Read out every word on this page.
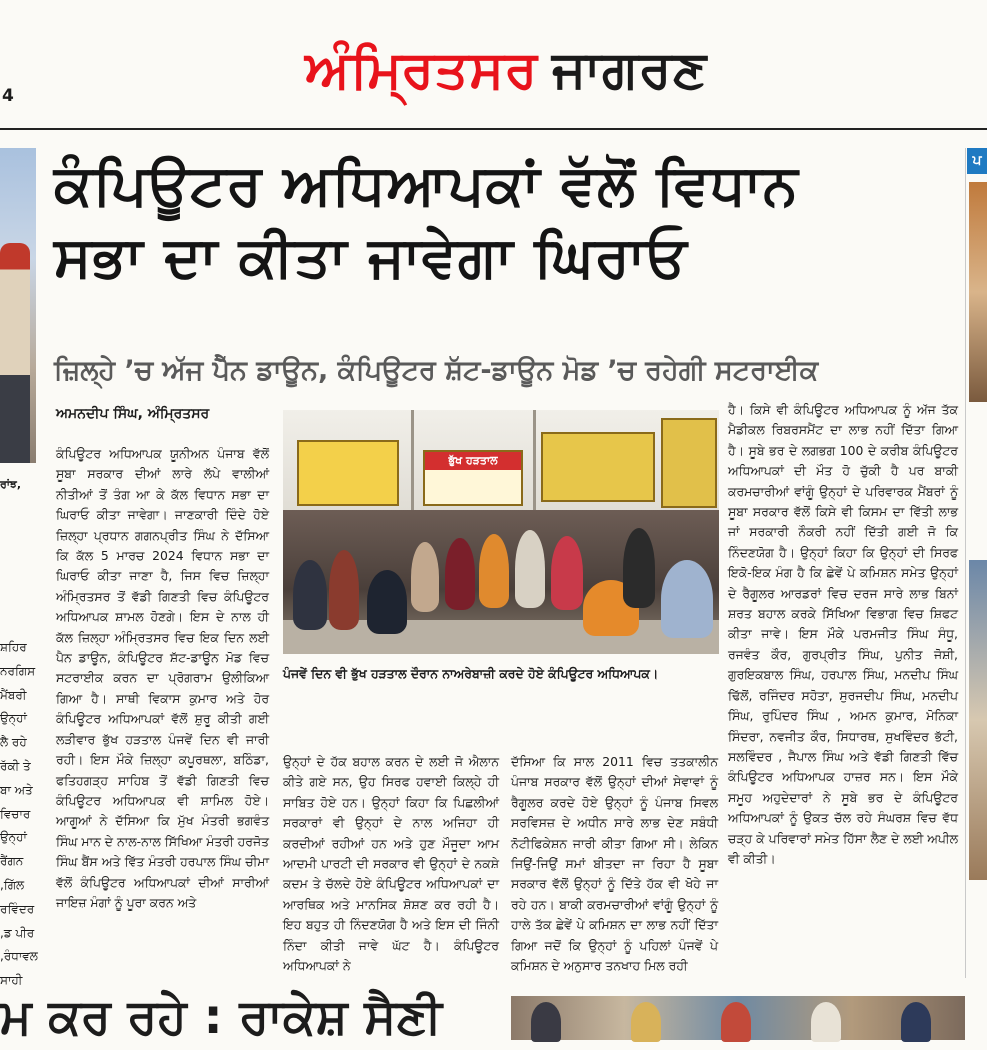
4	ਅੰਮ੍ਰਿਤਸਰ ਜਾਗਰਣ
ਰਾਂਝ,

ਸ਼ਹਿਰ

ਨਰਗਿਸ

ਮੈਂਬਰੀ

ਉਨ੍ਹਾਂ

ਲੈ ਰਹੇ

ਰੱਕੀ ਤੇ

ਬਾ ਅਤੇ

ਵਿਚਾਰ

ਉਨ੍ਹਾਂ

ਰੈਂਗਨ

ਗਿੱਲ,

ਰਵਿੰਦਰ

ਡ ਪੀਰ,

ਰੰਧਾਵਲ,

ਸਾਹੀ

ਕੰਪਿਊਟਰ ਅਧਿਆਪਕਾਂ ਵੱਲੋਂ ਵਿਧਾਨ
ਸਭਾ ਦਾ ਕੀਤਾ ਜਾਵੇਗਾ ਘਿਰਾਓ
ਜ਼ਿਲ੍ਹੇ ’ਚ ਅੱਜ ਪੈੱਨ ਡਾਊਨ, ਕੰਪਿਊਟਰ ਸ਼ੱਟ-ਡਾਊਨ ਮੋਡ ’ਚ ਰਹੇਗੀ ਸਟਰਾਈਕ
ਅਮਨਦੀਪ ਸਿੰਘ, ਅੰਮ੍ਰਿਤਸਰ

ਕੰਪਿਊਟਰ ਅਧਿਆਪਕ ਯੂਨੀਅਨ ਪੰਜਾਬ ਵੱਲੋਂ ਸੂਬਾ ਸਰਕਾਰ ਦੀਆਂ ਲਾਰੇ ਲੱਪੇ ਵਾਲੀਆਂ ਨੀਤੀਆਂ ਤੋਂ ਤੰਗ ਆ ਕੇ ਕੱਲ ਵਿਧਾਨ ਸਭਾ ਦਾ ਘਿਰਾਓ ਕੀਤਾ ਜਾਵੇਗਾ। ਜਾਣਕਾਰੀ ਦਿੰਦੇ ਹੋਏ ਜ਼ਿਲ੍ਹਾ ਪ੍ਰਧਾਨ ਗਗਨਪ੍ਰੀਤ ਸਿੰਘ ਨੇ ਦੱਸਿਆ ਕਿ ਕੱਲ 5 ਮਾਰਚ 2024 ਵਿਧਾਨ ਸਭਾ ਦਾ ਘਿਰਾਓ ਕੀਤਾ ਜਾਣਾ ਹੈ, ਜਿਸ ਵਿਚ ਜ਼ਿਲ੍ਹਾ ਅੰਮ੍ਰਿਤਸਰ ਤੋਂ ਵੱਡੀ ਗਿਣਤੀ ਵਿਚ ਕੰਪਿਊਟਰ ਅਧਿਆਪਕ ਸ਼ਾਮਲ ਹੋਣਗੇ। ਇਸ ਦੇ ਨਾਲ ਹੀ ਕੱਲ ਜ਼ਿਲ੍ਹਾ ਅੰਮ੍ਰਿਤਸਰ ਵਿਚ ਇਕ ਦਿਨ ਲਈ ਪੈਨ ਡਾਊਨ, ਕੰਪਿਊਟਰ ਸ਼ੱਟ-ਡਾਊਨ ਮੋਡ ਵਿਚ ਸਟਰਾਈਕ ਕਰਨ ਦਾ ਪ੍ਰੋਗਰਾਮ ਉਲੀਕਿਆ ਗਿਆ ਹੈ। ਸਾਥੀ ਵਿਕਾਸ ਕੁਮਾਰ ਅਤੇ ਹੋਰ ਕੰਪਿਊਟਰ ਅਧਿਆਪਕਾਂ ਵੱਲੋਂ ਸ਼ੁਰੂ ਕੀਤੀ ਗਈ ਲੜੀਵਾਰ ਭੁੱਖ ਹੜਤਾਲ ਪੰਜਵੇਂ ਦਿਨ ਵੀ ਜਾਰੀ ਰਹੀ। ਇਸ ਮੌਕੇ ਜ਼ਿਲ੍ਹਾ ਕਪੂਰਥਲਾ, ਬਠਿੰਡਾ, ਫਤਿਹਗੜ੍ਹ ਸਾਹਿਬ ਤੋਂ ਵੱਡੀ ਗਿਣਤੀ ਵਿਚ ਕੰਪਿਊਟਰ ਅਧਿਆਪਕ ਵੀ ਸ਼ਾਮਿਲ ਹੋਏ। ਆਗੂਆਂ ਨੇ ਦੱਸਿਆ ਕਿ ਮੁੱਖ ਮੰਤਰੀ ਭਗਵੰਤ ਸਿੰਘ ਮਾਨ ਦੇ ਨਾਲ-ਨਾਲ ਸਿੱਖਿਆ ਮੰਤਰੀ ਹਰਜੋਤ ਸਿੰਘ ਬੈਂਸ ਅਤੇ ਵਿੱਤ ਮੰਤਰੀ ਹਰਪਾਲ ਸਿੰਘ ਚੀਮਾ ਵੱਲੋਂ ਕੰਪਿਊਟਰ ਅਧਿਆਪਕਾਂ ਦੀਆਂ ਸਾਰੀਆਂ ਜਾਇਜ਼ ਮੰਗਾਂ ਨੂੰ ਪੂਰਾ ਕਰਨ ਅਤੇ

ਭੁੱਖ ਹੜਤਾਲ
ਪੰਜਵੇਂ ਦਿਨ ਵੀ ਭੁੱਖ ਹੜਤਾਲ ਦੌਰਾਨ ਨਾਅਰੇਬਾਜ਼ੀ ਕਰਦੇ ਹੋਏ ਕੰਪਿਊਟਰ ਅਧਿਆਪਕ।

ਉਨ੍ਹਾਂ ਦੇ ਹੱਕ ਬਹਾਲ ਕਰਨ ਦੇ ਲਈ ਜੋ ਐਲਾਨ ਕੀਤੇ ਗਏ ਸਨ, ਉਹ ਸਿਰਫ ਹਵਾਈ ਕਿਲ੍ਹੇ ਹੀ ਸਾਬਿਤ ਹੋਏ ਹਨ। ਉਨ੍ਹਾਂ ਕਿਹਾ ਕਿ ਪਿਛਲੀਆਂ ਸਰਕਾਰਾਂ ਵੀ ਉਨ੍ਹਾਂ ਦੇ ਨਾਲ ਅਜਿਹਾ ਹੀ ਕਰਦੀਆਂ ਰਹੀਆਂ ਹਨ ਅਤੇ ਹੁਣ ਮੌਜੂਦਾ ਆਮ ਆਦਮੀ ਪਾਰਟੀ ਦੀ ਸਰਕਾਰ ਵੀ ਉਨ੍ਹਾਂ ਦੇ ਨਕਸ਼ੇ ਕਦਮ ਤੇ ਚੱਲਦੇ ਹੋਏ ਕੰਪਿਊਟਰ ਅਧਿਆਪਕਾਂ ਦਾ ਆਰਥਿਕ ਅਤੇ ਮਾਨਸਿਕ ਸ਼ੋਸ਼ਣ ਕਰ ਰਹੀ ਹੈ। ਇਹ ਬਹੁਤ ਹੀ ਨਿੰਦਣਯੋਗ ਹੈ ਅਤੇ ਇਸ ਦੀ ਜਿੰਨੀ ਨਿੰਦਾ ਕੀਤੀ ਜਾਵੇ ਘੱਟ ਹੈ। ਕੰਪਿਊਟਰ ਅਧਿਆਪਕਾਂ ਨੇ

ਦੱਸਿਆ ਕਿ ਸਾਲ 2011 ਵਿਚ ਤਤਕਾਲੀਨ ਪੰਜਾਬ ਸਰਕਾਰ ਵੱਲੋਂ ਉਨ੍ਹਾਂ ਦੀਆਂ ਸੇਵਾਵਾਂ ਨੂੰ ਰੈਗੂਲਰ ਕਰਦੇ ਹੋਏ ਉਨ੍ਹਾਂ ਨੂੰ ਪੰਜਾਬ ਸਿਵਲ ਸਰਵਿਸਜ਼ ਦੇ ਅਧੀਨ ਸਾਰੇ ਲਾਭ ਦੇਣ ਸਬੰਧੀ ਨੋਟੀਫਿਕੇਸ਼ਨ ਜਾਰੀ ਕੀਤਾ ਗਿਆ ਸੀ। ਲੇਕਿਨ ਜਿਉਂ-ਜਿਉਂ ਸਮਾਂ ਬੀਤਦਾ ਜਾ ਰਿਹਾ ਹੈ ਸੂਬਾ ਸਰਕਾਰ ਵੱਲੋਂ ਉਨ੍ਹਾਂ ਨੂੰ ਦਿੱਤੇ ਹੱਕ ਵੀ ਖੋਹੇ ਜਾ ਰਹੇ ਹਨ। ਬਾਕੀ ਕਰਮਚਾਰੀਆਂ ਵਾਂਗੂੰ ਉਨ੍ਹਾਂ ਨੂੰ ਹਾਲੇ ਤੱਕ ਛੇਵੇਂ ਪੇ ਕਮਿਸ਼ਨ ਦਾ ਲਾਭ ਨਹੀਂ ਦਿੱਤਾ ਗਿਆ ਜਦੋਂ ਕਿ ਉਨ੍ਹਾਂ ਨੂੰ ਪਹਿਲਾਂ ਪੰਜਵੇਂ ਪੇ ਕਮਿਸ਼ਨ ਦੇ ਅਨੁਸਾਰ ਤਨਖਾਹ ਮਿਲ ਰਹੀ

ਹੈ। ਕਿਸੇ ਵੀ ਕੰਪਿਊਟਰ ਅਧਿਆਪਕ ਨੂੰ ਅੱਜ ਤੱਕ ਮੈਡੀਕਲ ਰਿਬਰਸਮੈਂਟ ਦਾ ਲਾਭ ਨਹੀਂ ਦਿੱਤਾ ਗਿਆ ਹੈ। ਸੂਬੇ ਭਰ ਦੇ ਲਗਭਗ 100 ਦੇ ਕਰੀਬ ਕੰਪਿਊਟਰ ਅਧਿਆਪਕਾਂ ਦੀ ਮੌਤ ਹੋ ਚੁੱਕੀ ਹੈ ਪਰ ਬਾਕੀ ਕਰਮਚਾਰੀਆਂ ਵਾਂਗੂੰ ਉਨ੍ਹਾਂ ਦੇ ਪਰਿਵਾਰਕ ਮੈਂਬਰਾਂ ਨੂੰ ਸੂਬਾ ਸਰਕਾਰ ਵੱਲੋਂ ਕਿਸੇ ਵੀ ਕਿਸਮ ਦਾ ਵਿੱਤੀ ਲਾਭ ਜਾਂ ਸਰਕਾਰੀ ਨੌਕਰੀ ਨਹੀਂ ਦਿੱਤੀ ਗਈ ਜੋ ਕਿ ਨਿੰਦਣਯੋਗ ਹੈ। ਉਨ੍ਹਾਂ ਕਿਹਾ ਕਿ ਉਨ੍ਹਾਂ ਦੀ ਸਿਰਫ ਇਕੋ-ਇਕ ਮੰਗ ਹੈ ਕਿ ਛੇਵੇਂ ਪੇ ਕਮਿਸ਼ਨ ਸਮੇਤ ਉਨ੍ਹਾਂ ਦੇ ਰੈਗੂਲਰ ਆਰਡਰਾਂ ਵਿਚ ਦਰਜ ਸਾਰੇ ਲਾਭ ਬਿਨਾਂ ਸ਼ਰਤ ਬਹਾਲ ਕਰਕੇ ਸਿੱਖਿਆ ਵਿਭਾਗ ਵਿਚ ਸ਼ਿਫਟ ਕੀਤਾ ਜਾਵੇ। ਇਸ ਮੌਕੇ ਪਰਮਜੀਤ ਸਿੰਘ ਸੰਧੂ, ਰਜਵੰਤ ਕੌਰ, ਗੁਰਪ੍ਰੀਤ ਸਿੰਘ, ਪੁਨੀਤ ਜੋਸ਼ੀ, ਗੁਰਇਕਬਾਲ ਸਿੰਘ, ਹਰਪਾਲ ਸਿੰਘ, ਮਨਦੀਪ ਸਿੰਘ ਢਿੱਲੋਂ, ਰਜਿੰਦਰ ਸਹੋਤਾ, ਸੁਰਜਦੀਪ ਸਿੰਘ, ਮਨਦੀਪ ਸਿੰਘ, ਰੁਪਿੰਦਰ ਸਿੰਘ , ਅਮਨ ਕੁਮਾਰ, ਮੋਨਿਕਾ ਸਿੰਦਰਾ, ਨਵਜੀਤ ਕੌਰ, ਸਿਧਾਰਥ, ਸੁਖਵਿੰਦਰ ਭੱਟੀ, ਸਲਵਿੰਦਰ , ਜੈਪਾਲ ਸਿੰਘ ਅਤੇ ਵੱਡੀ ਗਿਣਤੀ ਵਿੱਚ ਕੰਪਿਊਟਰ ਅਧਿਆਪਕ ਹਾਜ਼ਰ ਸਨ। ਇਸ ਮੌਕੇ ਸਮੂਹ ਅਹੁਦੇਦਾਰਾਂ ਨੇ ਸੂਬੇ ਭਰ ਦੇ ਕੰਪਿਊਟਰ ਅਧਿਆਪਕਾਂ ਨੂੰ ਉਕਤ ਚੱਲ ਰਹੇ ਸੰਘਰਸ਼ ਵਿਚ ਵੱਧ ਚੜ੍ਹ ਕੇ ਪਰਿਵਾਰਾਂ ਸਮੇਤ ਹਿੱਸਾ ਲੈਣ ਦੇ ਲਈ ਅਪੀਲ ਵੀ ਕੀਤੀ।

ਪ
ਮ ਕਰ ਰਹੇ : ਰਾਕੇਸ਼ ਸੈਣੀ
